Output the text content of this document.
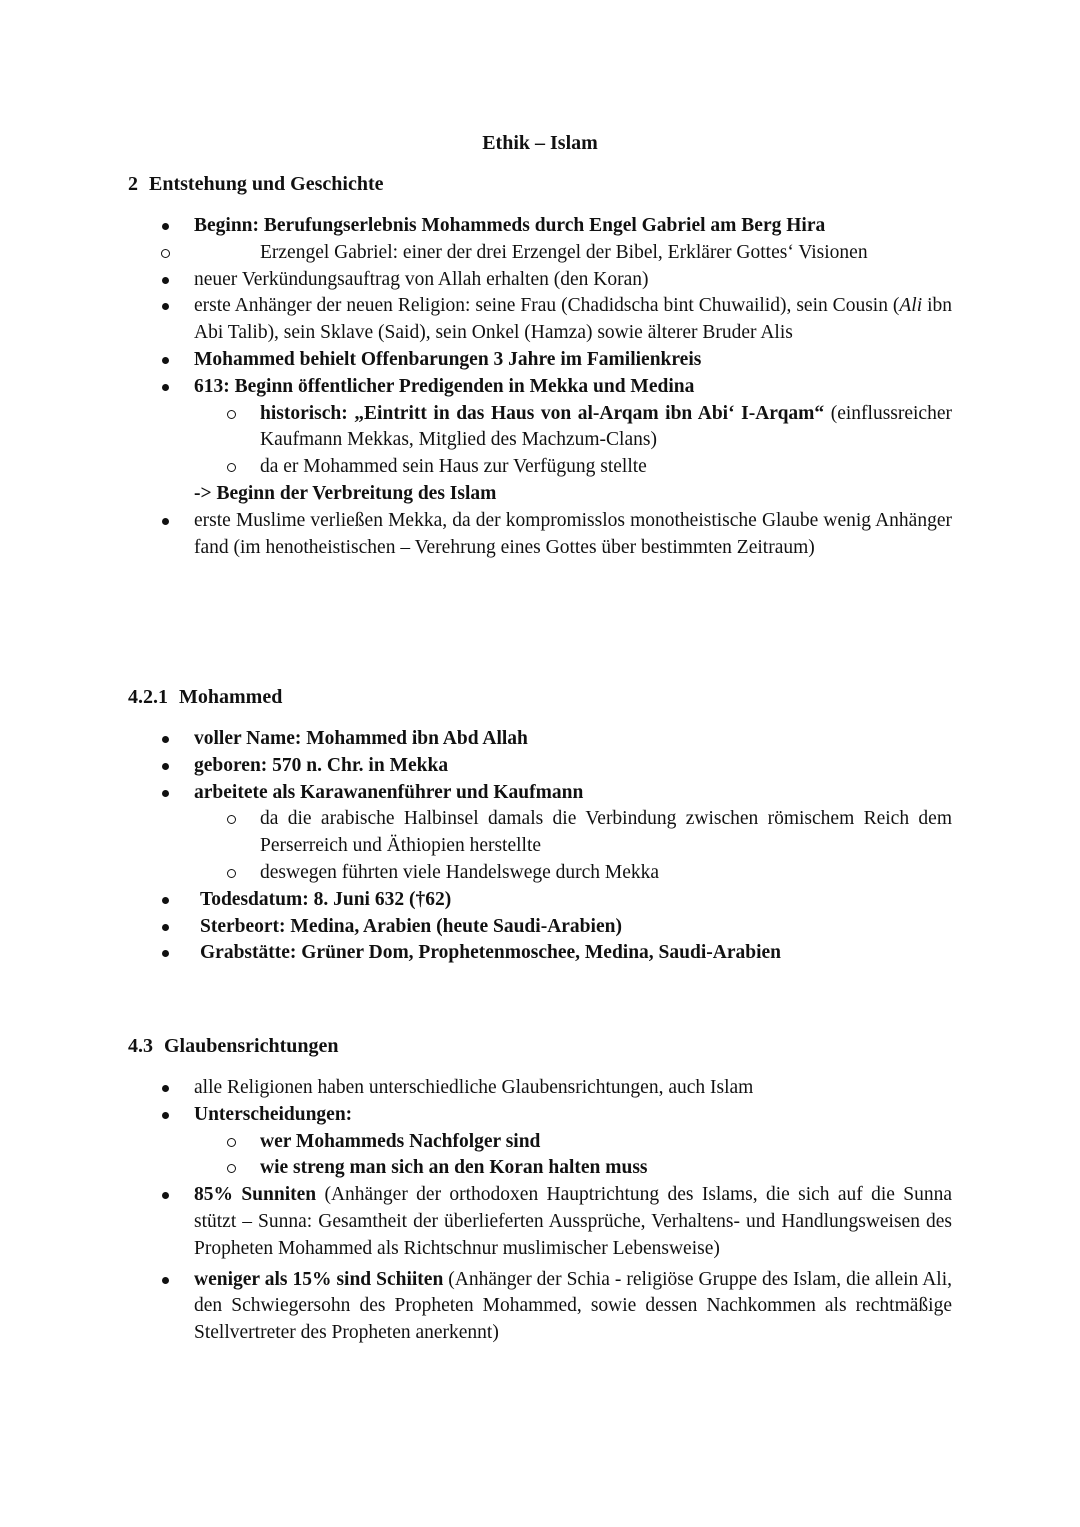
Ethik – Islam

2 Entstehung und Geschichte

Beginn: Berufungserlebnis Mohammeds durch Engel Gabriel am Berg Hira
Erzengel Gabriel: einer der drei Erzengel der Bibel, Erklärer Gottes‘ Visionen
neuer Verkündungsauftrag von Allah erhalten (den Koran)
erste Anhänger der neuen Religion: seine Frau (Chadidscha bint Chuwailid), sein Cousin (Ali ibn Abi Talib), sein Sklave (Said), sein Onkel (Hamza) sowie älterer Bruder Alis
Mohammed behielt Offenbarungen 3 Jahre im Familienkreis
613: Beginn öffentlicher Predigenden in Mekka und Medina
historisch: „Eintritt in das Haus von al-Arqam ibn Abi‘ I-Arqam“ (einflussreicher Kaufmann Mekkas, Mitglied des Machzum-Clans)
da er Mohammed sein Haus zur Verfügung stellte
-> Beginn der Verbreitung des Islam
erste Muslime verließen Mekka, da der kompromisslos monotheistische Glaube wenig Anhänger fand (im henotheistischen – Verehrung eines Gottes über bestimmten Zeitraum)

4.2.1 Mohammed

voller Name: Mohammed ibn Abd Allah
geboren: 570 n. Chr. in Mekka
arbeitete als Karawanenführer und Kaufmann
da die arabische Halbinsel damals die Verbindung zwischen römischem Reich dem Perserreich und Äthiopien herstellte
deswegen führten viele Handelswege durch Mekka
Todesdatum: 8. Juni 632 (†62)
Sterbeort: Medina, Arabien (heute Saudi-Arabien)
Grabstätte: Grüner Dom, Prophetenmoschee, Medina, Saudi-Arabien

4.3 Glaubensrichtungen

alle Religionen haben unterschiedliche Glaubensrichtungen, auch Islam
Unterscheidungen:
wer Mohammeds Nachfolger sind
wie streng man sich an den Koran halten muss
85% Sunniten (Anhänger der orthodoxen Hauptrichtung des Islams, die sich auf die Sunna stützt – Sunna: Gesamtheit der überlieferten Aussprüche, Verhaltens- und Handlungsweisen des Propheten Mohammed als Richtschnur muslimischer Lebensweise)
weniger als 15% sind Schiiten (Anhänger der Schia - religiöse Gruppe des Islam, die allein Ali, den Schwiegersohn des Propheten Mohammed, sowie dessen Nachkommen als rechtmäßige Stellvertreter des Propheten anerkennt)
